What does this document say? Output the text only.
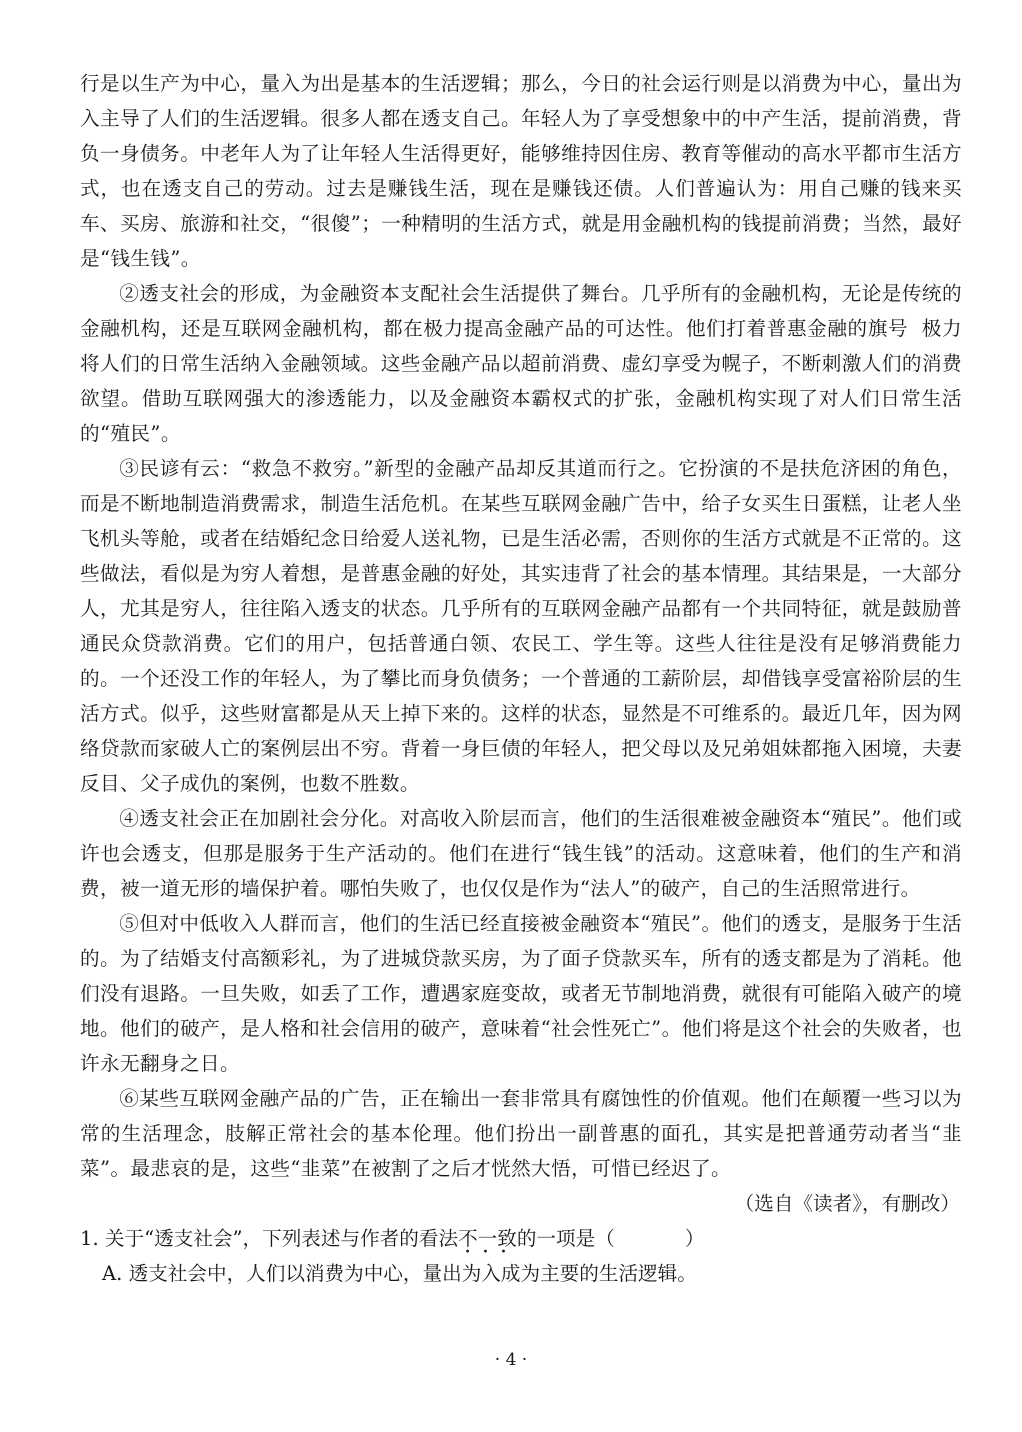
行是以生产为中心，量入为出是基本的生活逻辑；那么，今日的社会运行则是以消费为中心，量出为入主导了人们的生活逻辑。很多人都在透支自己。年轻人为了享受想象中的中产生活，提前消费，背负一身债务。中老年人为了让年轻人生活得更好，能够维持因住房、教育等催动的高水平都市生活方式，也在透支自己的劳动。过去是赚钱生活，现在是赚钱还债。人们普遍认为：用自己赚的钱来买车、买房、旅游和社交，“很傻”；一种精明的生活方式，就是用金融机构的钱提前消费；当然，最好是“钱生钱”。

②透支社会的形成，为金融资本支配社会生活提供了舞台。几乎所有的金融机构，无论是传统的金融机构，还是互联网金融机构，都在极力提高金融产品的可达性。他们打着普惠金融的旗号  极力将人们的日常生活纳入金融领域。这些金融产品以超前消费、虚幻享受为幌子，不断刺激人们的消费欲望。借助互联网强大的渗透能力，以及金融资本霸权式的扩张，金融机构实现了对人们日常生活的“殖民”。

③民谚有云：“救急不救穷。”新型的金融产品却反其道而行之。它扮演的不是扶危济困的角色，而是不断地制造消费需求，制造生活危机。在某些互联网金融广告中，给子女买生日蛋糕，让老人坐飞机头等舱，或者在结婚纪念日给爱人送礼物，已是生活必需，否则你的生活方式就是不正常的。这些做法，看似是为穷人着想，是普惠金融的好处，其实违背了社会的基本情理。其结果是，一大部分人，尤其是穷人，往往陷入透支的状态。几乎所有的互联网金融产品都有一个共同特征，就是鼓励普通民众贷款消费。它们的用户，包括普通白领、农民工、学生等。这些人往往是没有足够消费能力的。一个还没工作的年轻人，为了攀比而身负债务；一个普通的工薪阶层，却借钱享受富裕阶层的生活方式。似乎，这些财富都是从天上掉下来的。这样的状态，显然是不可维系的。最近几年，因为网络贷款而家破人亡的案例层出不穷。背着一身巨债的年轻人，把父母以及兄弟姐妹都拖入困境，夫妻反目、父子成仇的案例，也数不胜数。

④透支社会正在加剧社会分化。对高收入阶层而言，他们的生活很难被金融资本“殖民”。他们或许也会透支，但那是服务于生产活动的。他们在进行“钱生钱”的活动。这意味着，他们的生产和消费，被一道无形的墙保护着。哪怕失败了，也仅仅是作为“法人”的破产，自己的生活照常进行。

⑤但对中低收入人群而言，他们的生活已经直接被金融资本“殖民”。他们的透支，是服务于生活的。为了结婚支付高额彩礼，为了进城贷款买房，为了面子贷款买车，所有的透支都是为了消耗。他们没有退路。一旦失败，如丢了工作，遭遇家庭变故，或者无节制地消费，就很有可能陷入破产的境地。他们的破产，是人格和社会信用的破产，意味着“社会性死亡”。他们将是这个社会的失败者，也许永无翻身之日。

⑥某些互联网金融产品的广告，正在输出一套非常具有腐蚀性的价值观。他们在颠覆一些习以为常的生活理念，肢解正常社会的基本伦理。他们扮出一副普惠的面孔，其实是把普通劳动者当“韭菜”。最悲哀的是，这些“韭菜”在被割了之后才恍然大悟，可惜已经迟了。

（选自《读者》，有删改）

1. 关于“透支社会”，下列表述与作者的看法不一致 · · ·的一项是（	）

A. 透支社会中，人们以消费为中心，量出为入成为主要的生活逻辑。

· 4 ·
